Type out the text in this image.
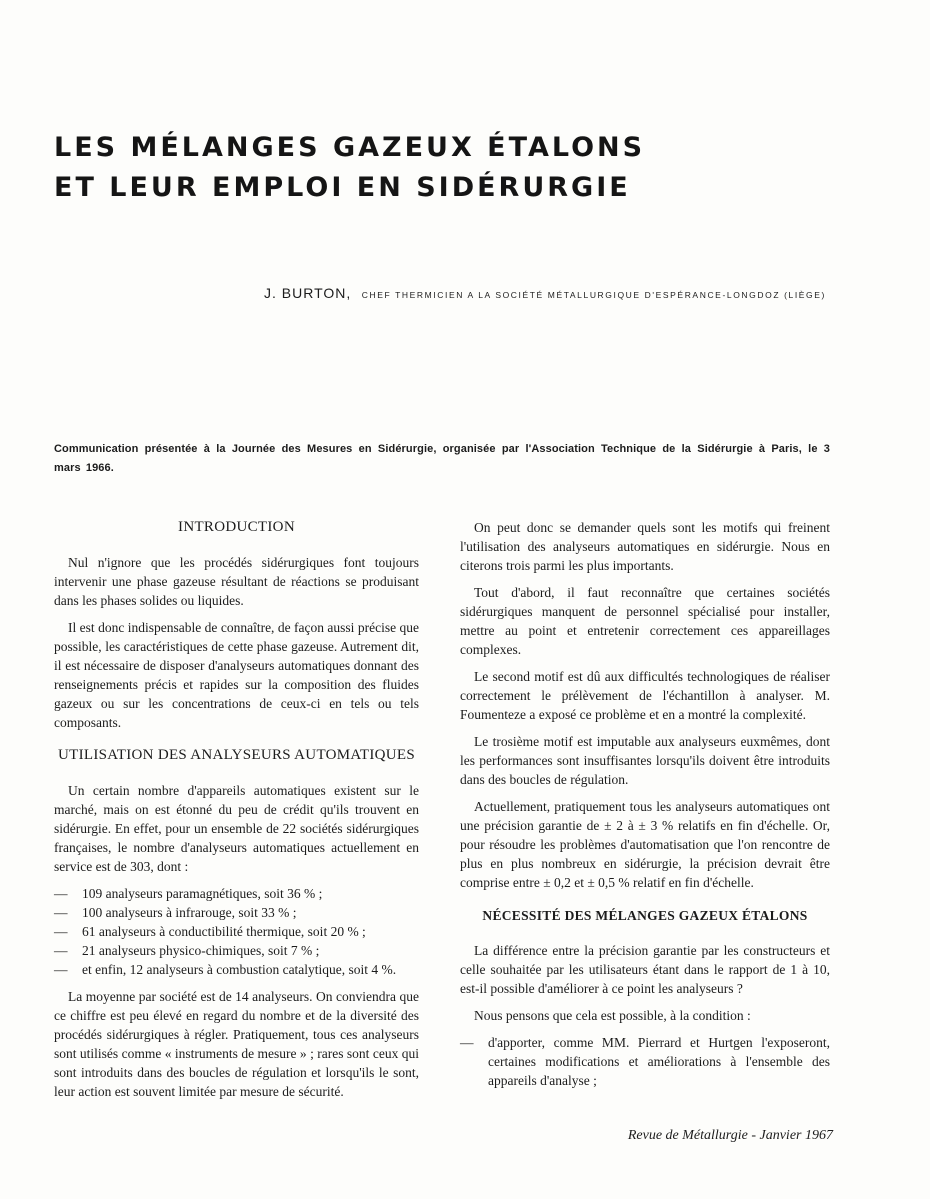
LES MÉLANGES GAZEUX ÉTALONS
ET LEUR EMPLOI EN SIDÉRURGIE
J. BURTON, CHEF THERMICIEN A LA SOCIÉTÉ MÉTALLURGIQUE D'ESPÉRANCE-LONGDOZ (LIÈGE)
Communication présentée à la Journée des Mesures en Sidérurgie, organisée par l'Association Technique de la Sidérurgie à Paris, le 3 mars 1966.
INTRODUCTION

Nul n'ignore que les procédés sidérurgiques font toujours intervenir une phase gazeuse résultant de réactions se produisant dans les phases solides ou liquides.

Il est donc indispensable de connaître, de façon aussi précise que possible, les caractéristiques de cette phase gazeuse. Autrement dit, il est nécessaire de disposer d'analyseurs automatiques donnant des renseignements précis et rapides sur la composition des fluides gazeux ou sur les concentrations de ceux-ci en tels ou tels composants.

UTILISATION DES ANALYSEURS AUTOMATIQUES

Un certain nombre d'appareils automatiques existent sur le marché, mais on est étonné du peu de crédit qu'ils trouvent en sidérurgie. En effet, pour un ensemble de 22 sociétés sidérurgiques françaises, le nombre d'analyseurs automatiques actuellement en service est de 303, dont :

— 109 analyseurs paramagnétiques, soit 36 % ;
— 100 analyseurs à infrarouge, soit 33 % ;
— 61 analyseurs à conductibilité thermique, soit 20 % ;
— 21 analyseurs physico-chimiques, soit 7 % ;
— et enfin, 12 analyseurs à combustion catalytique, soit 4 %.

La moyenne par société est de 14 analyseurs. On conviendra que ce chiffre est peu élevé en regard du nombre et de la diversité des procédés sidérurgiques à régler. Pratiquement, tous ces analyseurs sont utilisés comme « instruments de mesure » ; rares sont ceux qui sont introduits dans des boucles de régulation et lorsqu'ils le sont, leur action est souvent limitée par mesure de sécurité.

On peut donc se demander quels sont les motifs qui freinent l'utilisation des analyseurs automatiques en sidérurgie. Nous en citerons trois parmi les plus importants.

Tout d'abord, il faut reconnaître que certaines sociétés sidérurgiques manquent de personnel spécialisé pour installer, mettre au point et entretenir correctement ces appareillages complexes.

Le second motif est dû aux difficultés technologiques de réaliser correctement le prélèvement de l'échantillon à analyser. M. Foumenteze a exposé ce problème et en a montré la complexité.

Le trosième motif est imputable aux analyseurs euxmêmes, dont les performances sont insuffisantes lorsqu'ils doivent être introduits dans des boucles de régulation.

Actuellement, pratiquement tous les analyseurs automatiques ont une précision garantie de ± 2 à ± 3 % relatifs en fin d'échelle. Or, pour résoudre les problèmes d'automatisation que l'on rencontre de plus en plus nombreux en sidérurgie, la précision devrait être comprise entre ± 0,2 et ± 0,5 % relatif en fin d'échelle.

NÉCESSITÉ DES MÉLANGES GAZEUX ÉTALONS

La différence entre la précision garantie par les constructeurs et celle souhaitée par les utilisateurs étant dans le rapport de 1 à 10, est-il possible d'améliorer à ce point les analyseurs ?

Nous pensons que cela est possible, à la condition :

— d'apporter, comme MM. Pierrard et Hurtgen l'exposeront, certaines modifications et améliorations à l'ensemble des appareils d'analyse ;
Revue de Métallurgie - Janvier 1967
